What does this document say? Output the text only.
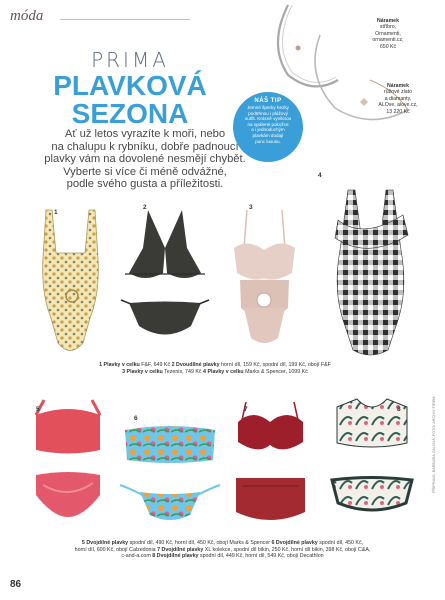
móda
PRIMA
PLAVKOVÁ
SEZONA
Ať už letos vyrazíte k moři, nebo
na chalupu k rybníku, dobře padnoucí
plavky vám na dovolené nesmějí chybět.
Vyberte si více či méně odvážné,
podle svého gusta a příležitosti.
Náramek
stříbro,
Ornamenti,
ornamenti.cz,
650 Kč
Náramek
růžové zlato
a diamanty,
ALOve, alove.cz,
13 220 Kč
NÁŠ TIP
Jemné šperky hezky
podtrhnou i plážový
outfit. Krásně vyniknou
na opálené pokožce
a i jednoduchým
plavkám dodají
punc luxusu.
1
2	3
4
1 Plavky v celku F&F, 649 Kč 2 Dvoudílné plavky horní díl, 159 Kč, spodní díl, 199 Kč, obojí F&F
3 Plavky v celku Tezenis, 749 Kč 4 Plavky v celku Marks & Spencer, 1099 Kč
5
6
7	8
5 Dvojdílné plavky spodní díl, 490 Kč, horní díl, 450 Kč, obojí Marks & Spencer 6 Dvojdílné plavky spodní díl, 450 Kč,
horní díl, 600 Kč, obojí Calzedonia 7 Dvojdílné plavky XL kolekce, spodní díl bikin, 250 Kč, horní díl bikin, 398 Kč, obojí C&A,
c-and-a.com 8 Dvojdílné plavky spodní díl, 449 Kč, horní díl, 549 Kč, obojí Decathlon
PŘÍPRAVA: BARBARA ZÁLOVÁ, FOTO: ARCHIV FIREM
86
